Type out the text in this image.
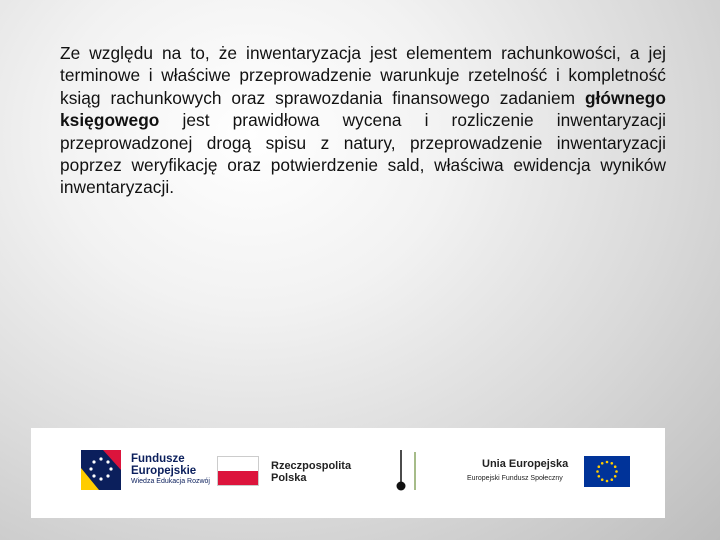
Ze względu na to, że inwentaryzacja jest elementem rachunkowości, a jej terminowe i właściwe przeprowadzenie warunkuje rzetelność i kompletność ksiąg rachunkowych oraz sprawozdania finansowego zadaniem głównego księgowego jest prawidłowa wycena i rozliczenie inwentaryzacji przeprowadzonej drogą spisu z natury, przeprowadzenie inwentaryzacji poprzez weryfikację oraz potwierdzenie sald, właściwa ewidencja wyników inwentaryzacji.
Fundusze
Europejskie
Wiedza Edukacja Rozwój
Rzeczpospolita
Polska
Unia Europejska
Europejski Fundusz Społeczny
